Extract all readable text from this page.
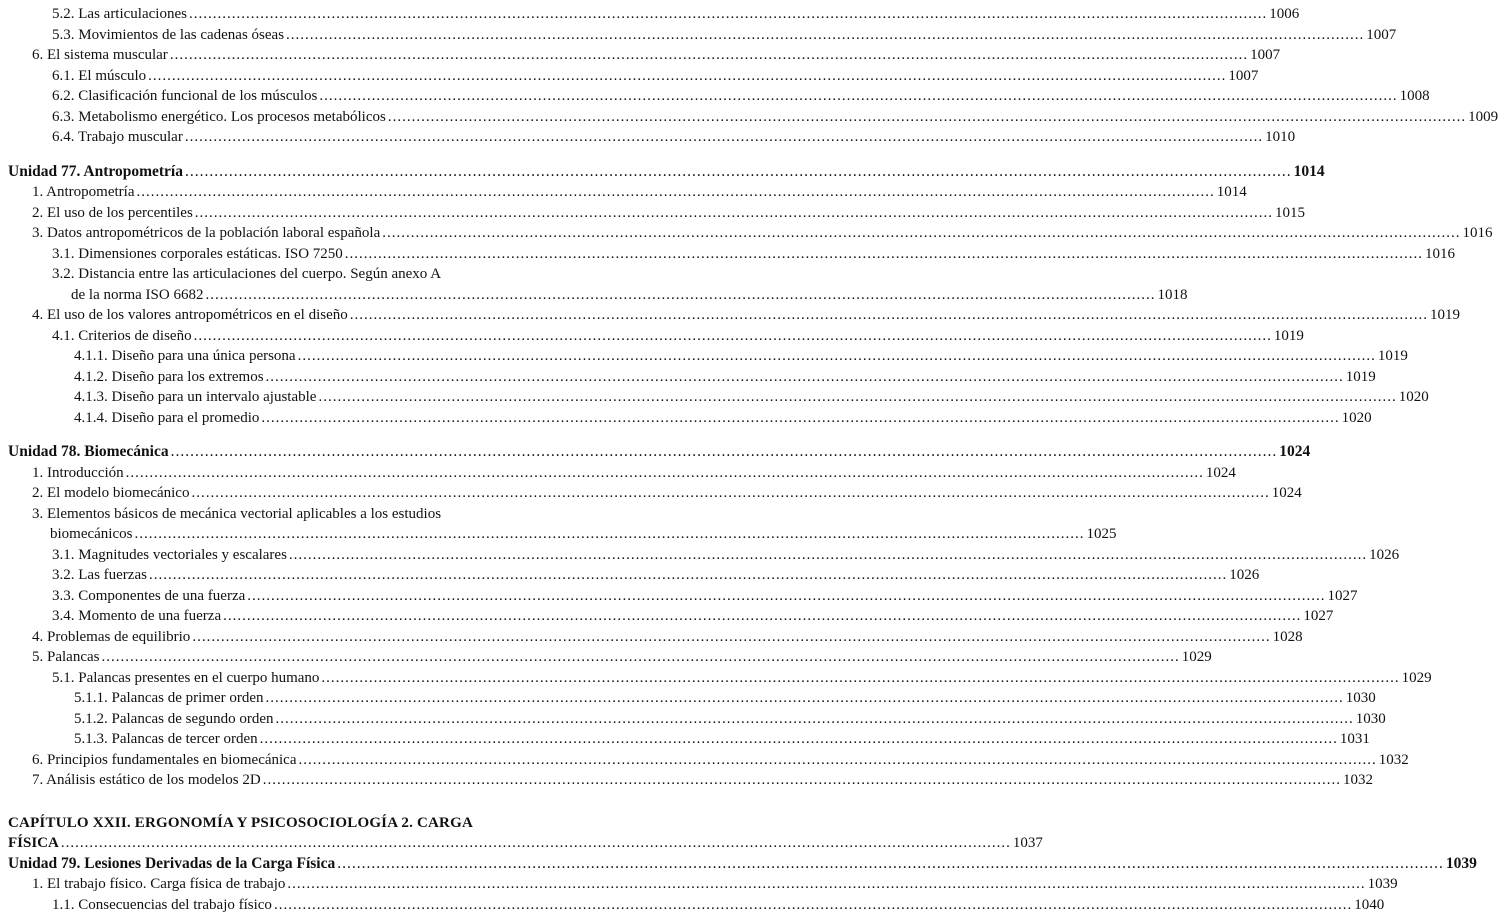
5.2. Las articulaciones .....	1006
5.3. Movimientos de las cadenas óseas .....	1007
6. El sistema muscular .....	1007
6.1. El músculo .....	1007
6.2. Clasificación funcional de los músculos .....	1008
6.3. Metabolismo energético. Los procesos metabólicos .....	1009
6.4. Trabajo muscular .....	1010
Unidad 77. Antropometría .....	1014
1. Antropometría .....	1014
2. El uso de los percentiles .....	1015
3. Datos antropométricos de la población laboral española .....	1016
3.1. Dimensiones corporales estáticas. ISO 7250 .....	1016
3.2. Distancia entre las articulaciones del cuerpo. Según anexo A
de la norma ISO 6682 ........................................................................................................................................................................................................ 1018
4. El uso de los valores antropométricos en el diseño .....	1019
4.1. Criterios de diseño .....	1019
4.1.1. Diseño para una única persona .....	1019
4.1.2. Diseño para los extremos .....	1019
4.1.3. Diseño para un intervalo ajustable .....	1020
4.1.4. Diseño para el promedio .....	1020
Unidad 78. Biomecánica .....	1024
1. Introducción .....	1024
2. El modelo biomecánico .....	1024
3. Elementos básicos de mecánica vectorial aplicables a los estudios
biomecánicos ........................................................................................................................................................................................................ 1025
3.1. Magnitudes vectoriales y escalares .....	1026
3.2. Las fuerzas .....	1026
3.3. Componentes de una fuerza .....	1027
3.4. Momento de una fuerza .....	1027
4. Problemas de equilibrio .....	1028
5. Palancas .....	1029
5.1. Palancas presentes en el cuerpo humano .....	1029
5.1.1. Palancas de primer orden .....	1030
5.1.2. Palancas de segundo orden .....	1030
5.1.3. Palancas de tercer orden .....	1031
6. Principios fundamentales en biomecánica .....	1032
7. Análisis estático de los modelos 2D .....	1032
CAPÍTULO XXII. ERGONOMÍA Y PSICOSOCIOLOGÍA 2. CARGA
FÍSICA ........................................................................................................................................................................................................ 1037
Unidad 79. Lesiones Derivadas de la Carga Física .....	1039
1. El trabajo físico. Carga física de trabajo .....	1039
1.1. Consecuencias del trabajo físico .....	1040
